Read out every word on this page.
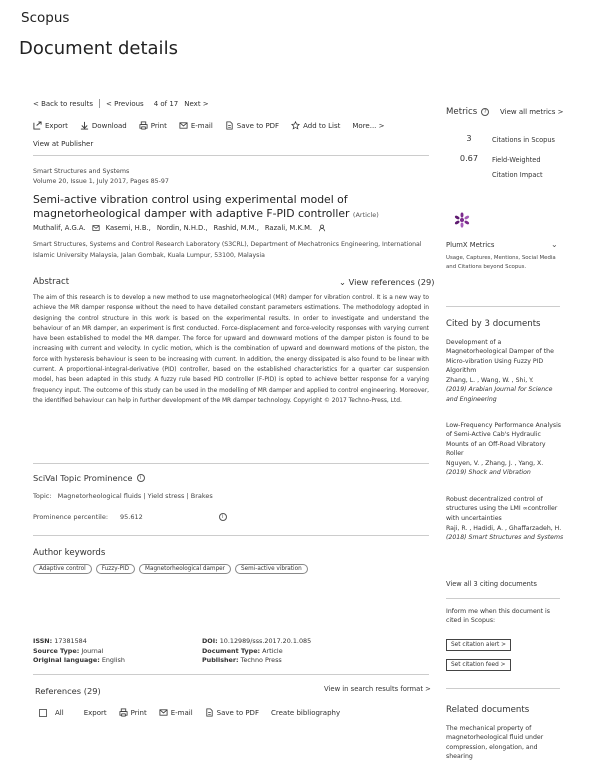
Scopus
Document details
< Back to results < Previous 4 of 17 Next >
Export	Download	Print	E-mail	Save to PDF	Add to List More... >
View at Publisher
Smart Structures and Systems
Volume 20, Issue 1, July 2017, Pages 85-97
Semi-active vibration control using experimental model of magnetorheological damper with adaptive F-PID controller (Article)
Muthalif, A.G.A.	Kasemi, H.B., Nordin, N.H.D., Rashid, M.M., Razali, M.K.M.
Smart Structures, Systems and Control Research Laboratory (S3CRL), Department of Mechatronics Engineering, International Islamic University Malaysia, Jalan Gombak, Kuala Lumpur, 53100, Malaysia
Abstract	⌄ View references (29)
The aim of this research is to develop a new method to use magnetorheological (MR) damper for vibration control. It is a new way to achieve the MR damper response without the need to have detailed constant parameters estimations. The methodology adopted in designing the control structure in this work is based on the experimental results. In order to investigate and understand the behaviour of an MR damper, an experiment is first conducted. Force-displacement and force-velocity responses with varying current have been established to model the MR damper. The force for upward and downward motions of the damper piston is found to be increasing with current and velocity. In cyclic motion, which is the combination of upward and downward motions of the piston, the force with hysteresis behaviour is seen to be increasing with current. In addition, the energy dissipated is also found to be linear with current. A proportional-integral-derivative (PID) controller, based on the established characteristics for a quarter car suspension model, has been adapted in this study. A fuzzy rule based PID controller (F-PID) is opted to achieve better response for a varying frequency input. The outcome of this study can be used in the modelling of MR damper and applied to control engineering. Moreover, the identified behaviour can help in further development of the MR damper technology. Copyright © 2017 Techno-Press, Ltd.
SciVal Topic Prominence	i
Topic: Magnetorheological fluids | Yield stress | Brakes
Prominence percentile: 95.612	i
Author keywords
Adaptive control	Fuzzy-PID	Magnetorheological damper	Semi-active vibration
ISSN: 17381584
Source Type: Journal
Original language: English
DOI: 10.12989/sss.2017.20.1.085
Document Type: Article
Publisher: Techno Press
References (29)	View in search results format >
All	Export	Print	E-mail	Save to PDF Create bibliography
Metrics	?	View all metrics >
3	Citations in Scopus
0.67	Field-Weighted Citation Impact
PlumX Metrics	⌄
Usage, Captures, Mentions, Social Media and Citations beyond Scopus.
Cited by 3 documents
Development of a Magnetorheological Damper of the Micro-vibration Using Fuzzy PID Algorithm
Zhang, L. , Wang, W. , Shi, Y.
(2019) Arabian Journal for Science and Engineering
Low-Frequency Performance Analysis of Semi-Active Cab's Hydraulic Mounts of an Off-Road Vibratory Roller
Nguyen, V. , Zhang, J. , Yang, X.
(2019) Shock and Vibration
Robust decentralized control of structures using the LMI ∞controller with uncertainties
Raji, R. , Hadidi, A. , Ghaffarzadeh, H.
(2018) Smart Structures and Systems
View all 3 citing documents
Inform me when this document is cited in Scopus:
Set citation alert >
Set citation feed >
Related documents
The mechanical property of magnetorheological fluid under compression, elongation, and shearing
